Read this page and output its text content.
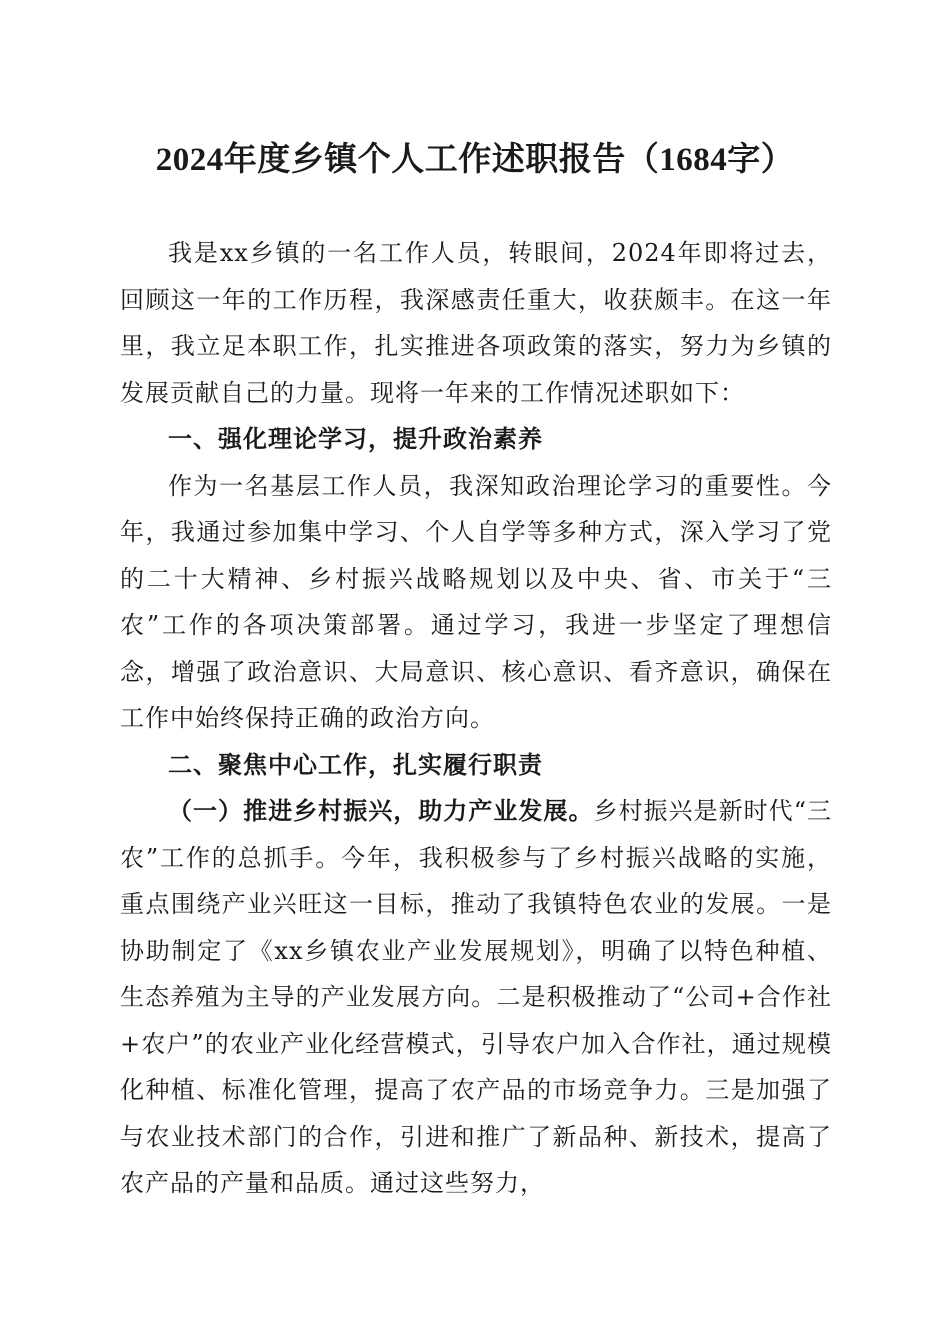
2024年度乡镇个人工作述职报告（1684字）

我是xx乡镇的一名工作人员，转眼间，2024年即将过去，回顾这一年的工作历程，我深感责任重大，收获颇丰。在这一年里，我立足本职工作，扎实推进各项政策的落实，努力为乡镇的发展贡献自己的力量。现将一年来的工作情况述职如下：

一、强化理论学习，提升政治素养

作为一名基层工作人员，我深知政治理论学习的重要性。今年，我通过参加集中学习、个人自学等多种方式，深入学习了党的二十大精神、乡村振兴战略规划以及中央、省、市关于“三农”工作的各项决策部署。通过学习，我进一步坚定了理想信念，增强了政治意识、大局意识、核心意识、看齐意识，确保在工作中始终保持正确的政治方向。

二、聚焦中心工作，扎实履行职责

（一）推进乡村振兴，助力产业发展。乡村振兴是新时代“三农”工作的总抓手。今年，我积极参与了乡村振兴战略的实施，重点围绕产业兴旺这一目标，推动了我镇特色农业的发展。一是协助制定了《xx乡镇农业产业发展规划》，明确了以特色种植、生态养殖为主导的产业发展方向。二是积极推动了“公司+合作社+农户”的农业产业化经营模式，引导农户加入合作社，通过规模化种植、标准化管理，提高了农产品的市场竞争力。三是加强了与农业技术部门的合作，引进和推广了新品种、新技术，提高了农产品的产量和品质。通过这些努力，
